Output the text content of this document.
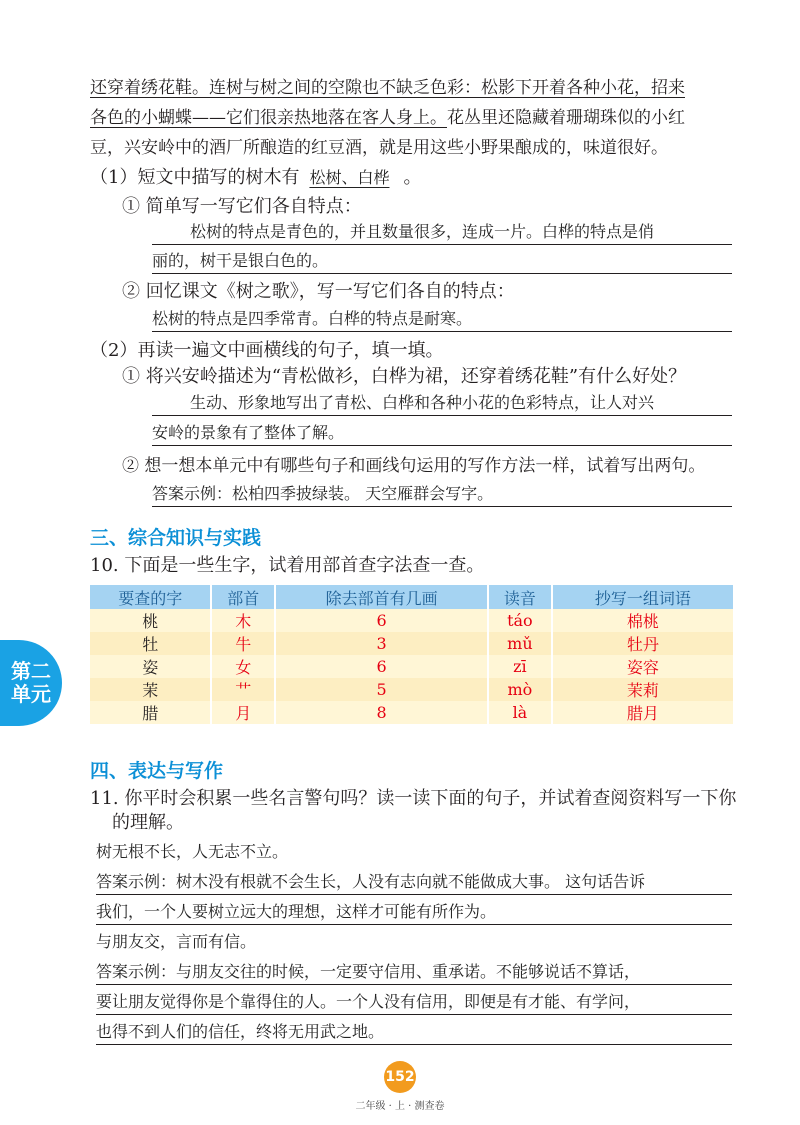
还穿着绣花鞋。连树与树之间的空隙也不缺乏色彩：松影下开着各种小花，招来
各色的小蝴蝶——它们很亲热地落在客人身上。花丛里还隐藏着珊瑚珠似的小红
豆，兴安岭中的酒厂所酿造的红豆酒，就是用这些小野果酿成的，味道很好。
（1）短文中描写的树木有 松树、白桦 。
① 简单写一写它们各自特点：
松树的特点是青色的，并且数量很多，连成一片。白桦的特点是俏
丽的，树干是银白色的。
② 回忆课文《树之歌》，写一写它们各自的特点：
松树的特点是四季常青。白桦的特点是耐寒。
（2）再读一遍文中画横线的句子，填一填。
① 将兴安岭描述为“青松做衫，白桦为裙，还穿着绣花鞋”有什么好处？
生动、形象地写出了青松、白桦和各种小花的色彩特点，让人对兴
安岭的景象有了整体了解。
② 想一想本单元中有哪些句子和画线句运用的写作方法一样，试着写出两句。
答案示例：松柏四季披绿装。 天空雁群会写字。
三、综合知识与实践
10. 下面是一些生字，试着用部首查字法查一查。
要查的字	部首	除去部首有几画	读音	抄写一组词语
桃	木	6	táo	棉桃
牡	牛	3	mǔ	牡丹
姿	女	6	zī	姿容
茉	艹	5	mò	茉莉
腊	月	8	là	腊月
第二
单元
四、表达与写作
11. 你平时会积累一些名言警句吗？读一读下面的句子，并试着查阅资料写一下你
的理解。
树无根不长，人无志不立。
答案示例：树木没有根就不会生长，人没有志向就不能做成大事。 这句话告诉
我们，一个人要树立远大的理想，这样才可能有所作为。
与朋友交，言而有信。
答案示例：与朋友交往的时候，一定要守信用、重承诺。不能够说话不算话，
要让朋友觉得你是个靠得住的人。一个人没有信用，即便是有才能、有学问，
也得不到人们的信任，终将无用武之地。
152
二年级 · 上 · 测查卷
